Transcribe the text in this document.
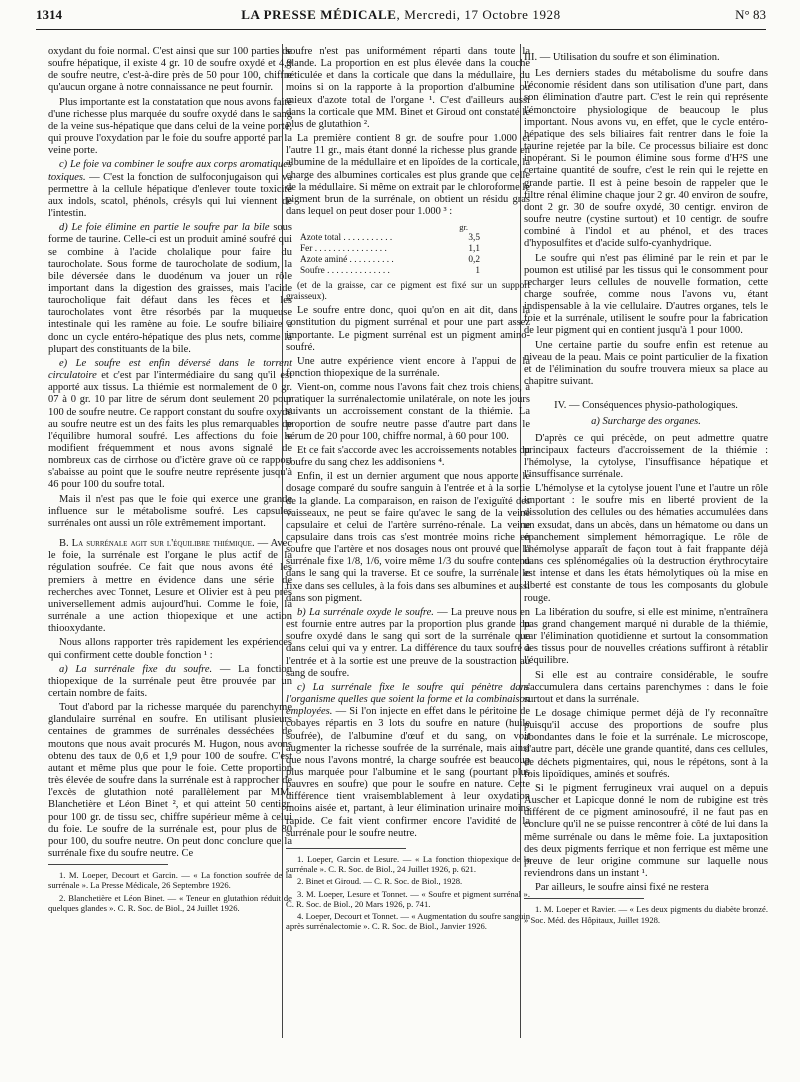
1314	LA PRESSE MÉDICALE, Mercredi, 17 Octobre 1928	N° 83

oxydant du foie normal. C'est ainsi que sur 100 parties de soufre hépatique, il existe 4 gr. 10 de soufre oxydé et 4,9 de soufre neutre, c'est-à-dire près de 50 pour 100, chiffre qu'aucun organe à notre connaissance ne peut fournir.

Plus importante est la constatation que nous avons faite d'une richesse plus marquée du soufre oxydé dans le sang de la veine sus-hépatique que dans celui de la veine porte, qui prouve l'oxydation par le foie du soufre apporté par la veine porte.

c) Le foie va combiner le soufre aux corps aromatiques toxiques. — C'est la fonction de sulfoconjugaison qui va permettre à la cellule hépatique d'enlever toute toxicité aux indols, scatol, phénols, crésyls qui lui viennent de l'intestin.

d) Le foie élimine en partie le soufre par la bile sous forme de taurine. Celle-ci est un produit aminé soufré qui se combine à l'acide cholalique pour faire du taurocholate. Sous forme de taurocholate de sodium, la bile déversée dans le duodénum va jouer un rôle important dans la digestion des graisses, mais l'acide taurocholique fait défaut dans les fèces et les taurocholates vont être résorbés par la muqueuse intestinale qui les ramène au foie. Le soufre biliaire a donc un cycle entéro-hépatique des plus nets, comme la plupart des constituants de la bile.

e) Le soufre est enfin déversé dans le torrent circulatoire et c'est par l'intermédiaire du sang qu'il est apporté aux tissus. La thiémie est normalement de 0 gr. 07 à 0 gr. 10 par litre de sérum dont seulement 20 pour 100 de soufre neutre. Ce rapport constant du soufre oxydé au soufre neutre est un des faits les plus remarquables de l'équilibre humoral soufré. Les affections du foie le modifient fréquemment et nous avons signalé de nombreux cas de cirrhose ou d'ictère grave où ce rapport s'abaisse au point que le soufre neutre représente jusqu'à 46 pour 100 du soufre total.

Mais il n'est pas que le foie qui exerce une grande influence sur le métabolisme soufré. Les capsules surrénales ont aussi un rôle extrêmement important.

B. La surrénale agit sur l'équilibre thiémique. — Avec le foie, la surrénale est l'organe le plus actif de la régulation soufrée. Ce fait que nous avons été les premiers à mettre en évidence dans une série de recherches avec Tonnet, Lesure et Olivier est à peu près universellement admis aujourd'hui. Comme le foie, la surrénale a une action thiopexique et une action thiooxydante.

Nous allons rapporter très rapidement les expériences qui confirment cette double fonction ¹ :

a) La surrénale fixe du soufre. — La fonction thiopexique de la surrénale peut être prouvée par un certain nombre de faits.

Tout d'abord par la richesse marquée du parenchyme glandulaire surrénal en soufre. En utilisant plusieurs centaines de grammes de surrénales desséchées de moutons que nous avait procurés M. Hugon, nous avons obtenu des taux de 0,6 et 1,9 pour 100 de soufre. C'est autant et même plus que pour le foie. Cette proportion très élevée de soufre dans la surrénale est à rapprocher de l'excès de glutathion noté parallèlement par MM. Blanchetière et Léon Binet ², et qui atteint 50 centigr. pour 100 gr. de tissu sec, chiffre supérieur même à celui du foie. Le soufre de la surrénale est, pour plus de 80 pour 100, du soufre neutre. On peut donc conclure que la surrénale fixe du soufre neutre. Ce

1. M. Loeper, Decourt et Garcin. — « La fonction soufrée de la surrénale ». La Presse Médicale, 26 Septembre 1926.

2. Blanchetière et Léon Binet. — « Teneur en glutathion réduit de quelques glandes ». C. R. Soc. de Biol., 24 Juillet 1926.

soufre n'est pas uniformément réparti dans toute la glande. La proportion en est plus élevée dans la couche réticulée et dans la corticale que dans la médullaire, du moins si on la rapporte à la proportion d'albumine ou mieux d'azote total de l'organe ¹. C'est d'ailleurs aussi dans la corticale que MM. Binet et Giroud ont constaté le plus de glutathion ².

La première contient 8 gr. de soufre pour 1.000 et l'autre 11 gr., mais étant donné la richesse plus grande en albumine de la médullaire et en lipoïdes de la corticale, la charge des albumines corticales est plus grande que celle de la médullaire. Si même on extrait par le chloroforme le pigment brun de la surrénale, on obtient un résidu gras dans lequel on peut doser pour 1.000 ³ :

gr.
Azote total . . . . . . . . . . .	3,5
Fer . . . . . . . . . . . . . . . .	1,1
Azote aminé . . . . . . . . . .	0,2
Soufre . . . . . . . . . . . . . .	1

(et de la graisse, car ce pigment est fixé sur un support graisseux).

Le soufre entre donc, quoi qu'on en ait dit, dans la constitution du pigment surrénal et pour une part assez importante. Le pigment surrénal est un pigment amino-soufré.

Une autre expérience vient encore à l'appui de la fonction thiopexique de la surrénale.

Vient-on, comme nous l'avons fait chez trois chiens, à pratiquer la surrénalectomie unilatérale, on note les jours suivants un accroissement constant de la thiémie. La proportion de soufre neutre passe d'autre part dans le sérum de 20 pour 100, chiffre normal, à 60 pour 100.

Et ce fait s'accorde avec les accroissements notables du soufre du sang chez les addisoniens ⁴.

Enfin, il est un dernier argument que nous apporte le dosage comparé du soufre sanguin à l'entrée et à la sortie de la glande. La comparaison, en raison de l'exiguïté des vaisseaux, ne peut se faire qu'avec le sang de la veine capsulaire et celui de l'artère surréno-rénale. La veine capsulaire dans trois cas s'est montrée moins riche en soufre que l'artère et nos dosages nous ont prouvé que la surrénale fixe 1/8, 1/6, voire même 1/3 du soufre contenu dans le sang qui la traverse. Et ce soufre, la surrénale le fixe dans ses cellules, à la fois dans ses albumines et aussi dans son pigment.

b) La surrénale oxyde le soufre. — La preuve nous en est fournie entre autres par la proportion plus grande du soufre oxydé dans le sang qui sort de la surrénale que dans celui qui va y entrer. La différence du taux soufré à l'entrée et à la sortie est une preuve de la soustraction au sang de soufre.

c) La surrénale fixe le soufre qui pénètre dans l'organisme quelles que soient la forme et la combinaison employées. — Si l'on injecte en effet dans le péritoine de cobayes répartis en 3 lots du soufre en nature (huile soufrée), de l'albumine d'œuf et du sang, on voit augmenter la richesse soufrée de la surrénale, mais ainsi que nous l'avons montré, la charge soufrée est beaucoup plus marquée pour l'albumine et le sang (pourtant plus pauvres en soufre) que pour le soufre en nature. Cette différence tient vraisemblablement à leur oxydation moins aisée et, partant, à leur élimination urinaire moins rapide. Ce fait vient confirmer encore l'avidité de la surrénale pour le soufre neutre.

1. Loeper, Garcin et Lesure. — « La fonction thiopexique de la surrénale ». C. R. Soc. de Biol., 24 Juillet 1926, p. 621.

2. Binet et Giroud. — C. R. Soc. de Biol., 1928.

3. M. Loeper, Lesure et Tonnet. — « Soufre et pigment surrénal ». C. R. Soc. de Biol., 20 Mars 1926, p. 741.

4. Loeper, Decourt et Tonnet. — « Augmentation du soufre sanguin après surrénalectomie ». C. R. Soc. de Biol., Janvier 1926.

III. — Utilisation du soufre et son élimination.

Les derniers stades du métabolisme du soufre dans l'économie résident dans son utilisation d'une part, dans son élimination d'autre part. C'est le rein qui représente l'émonctoire physiologique de beaucoup le plus important. Nous avons vu, en effet, que le cycle entéro-hépatique des sels biliaires fait rentrer dans le foie la taurine rejetée par la bile. Ce processus biliaire est donc inopérant. Si le poumon élimine sous forme d'H²S une certaine quantité de soufre, c'est le rein qui le rejette en grande partie. Il est à peine besoin de rappeler que le filtre rénal élimine chaque jour 2 gr. 40 environ de soufre, dont 2 gr. 30 de soufre oxydé, 30 centigr. environ de soufre neutre (cystine surtout) et 10 centigr. de soufre combiné à l'indol et au phénol, et des traces d'hyposulfites et d'acide sulfo-cyanhydrique.

Le soufre qui n'est pas éliminé par le rein et par le poumon est utilisé par les tissus qui le consomment pour recharger leurs cellules de nouvelle formation, cette charge soufrée, comme nous l'avons vu, étant indispensable à la vie cellulaire. D'autres organes, tels le foie et la surrénale, utilisent le soufre pour la fabrication de leur pigment qui en contient jusqu'à 1 pour 1000.

Une certaine partie du soufre enfin est retenue au niveau de la peau. Mais ce point particulier de la fixation et de l'élimination du soufre trouvera mieux sa place au chapitre suivant.

IV. — Conséquences physio-pathologiques.

a) Surcharge des organes.

D'après ce qui précède, on peut admettre quatre principaux facteurs d'accroissement de la thiémie : l'hémolyse, la cytolyse, l'insuffisance hépatique et l'insuffisance surrénale.

L'hémolyse et la cytolyse jouent l'une et l'autre un rôle important : le soufre mis en liberté provient de la dissolution des cellules ou des hématies accumulées dans un exsudat, dans un abcès, dans un hématome ou dans un épanchement simplement hémorragique. Le rôle de l'hémolyse apparaît de façon tout à fait frappante déjà dans ces splénomégalies où la destruction érythrocytaire est intense et dans les états hémolytiques où la mise en liberté est constante de tous les composants du globule rouge.

La libération du soufre, si elle est minime, n'entraînera pas grand changement marqué ni durable de la thiémie, car l'élimination quotidienne et surtout la consommation des tissus pour de nouvelles créations suffiront à rétablir l'équilibre.

Si elle est au contraire considérable, le soufre s'accumulera dans certains parenchymes : dans le foie surtout et dans la surrénale.

Le dosage chimique permet déjà de l'y reconnaître puisqu'il accuse des proportions de soufre plus abondantes dans le foie et la surrénale. Le microscope, d'autre part, décèle une grande quantité, dans ces cellules, de déchets pigmentaires, qui, nous le répétons, sont à la fois lipoïdiques, aminés et soufrés.

Si le pigment ferrugineux vrai auquel on a depuis Auscher et Lapicque donné le nom de rubigine est très différent de ce pigment aminosoufré, il ne faut pas en conclure qu'il ne se puisse rencontrer à côté de lui dans la même surrénale ou dans le même foie. La juxtaposition des deux pigments ferrique et non ferrique est même une preuve de leur origine commune sur laquelle nous reviendrons dans un instant ¹.

Par ailleurs, le soufre ainsi fixé ne restera

1. M. Loeper et Ravier. — « Les deux pigments du diabète bronzé. » Soc. Méd. des Hôpitaux, Juillet 1928.
